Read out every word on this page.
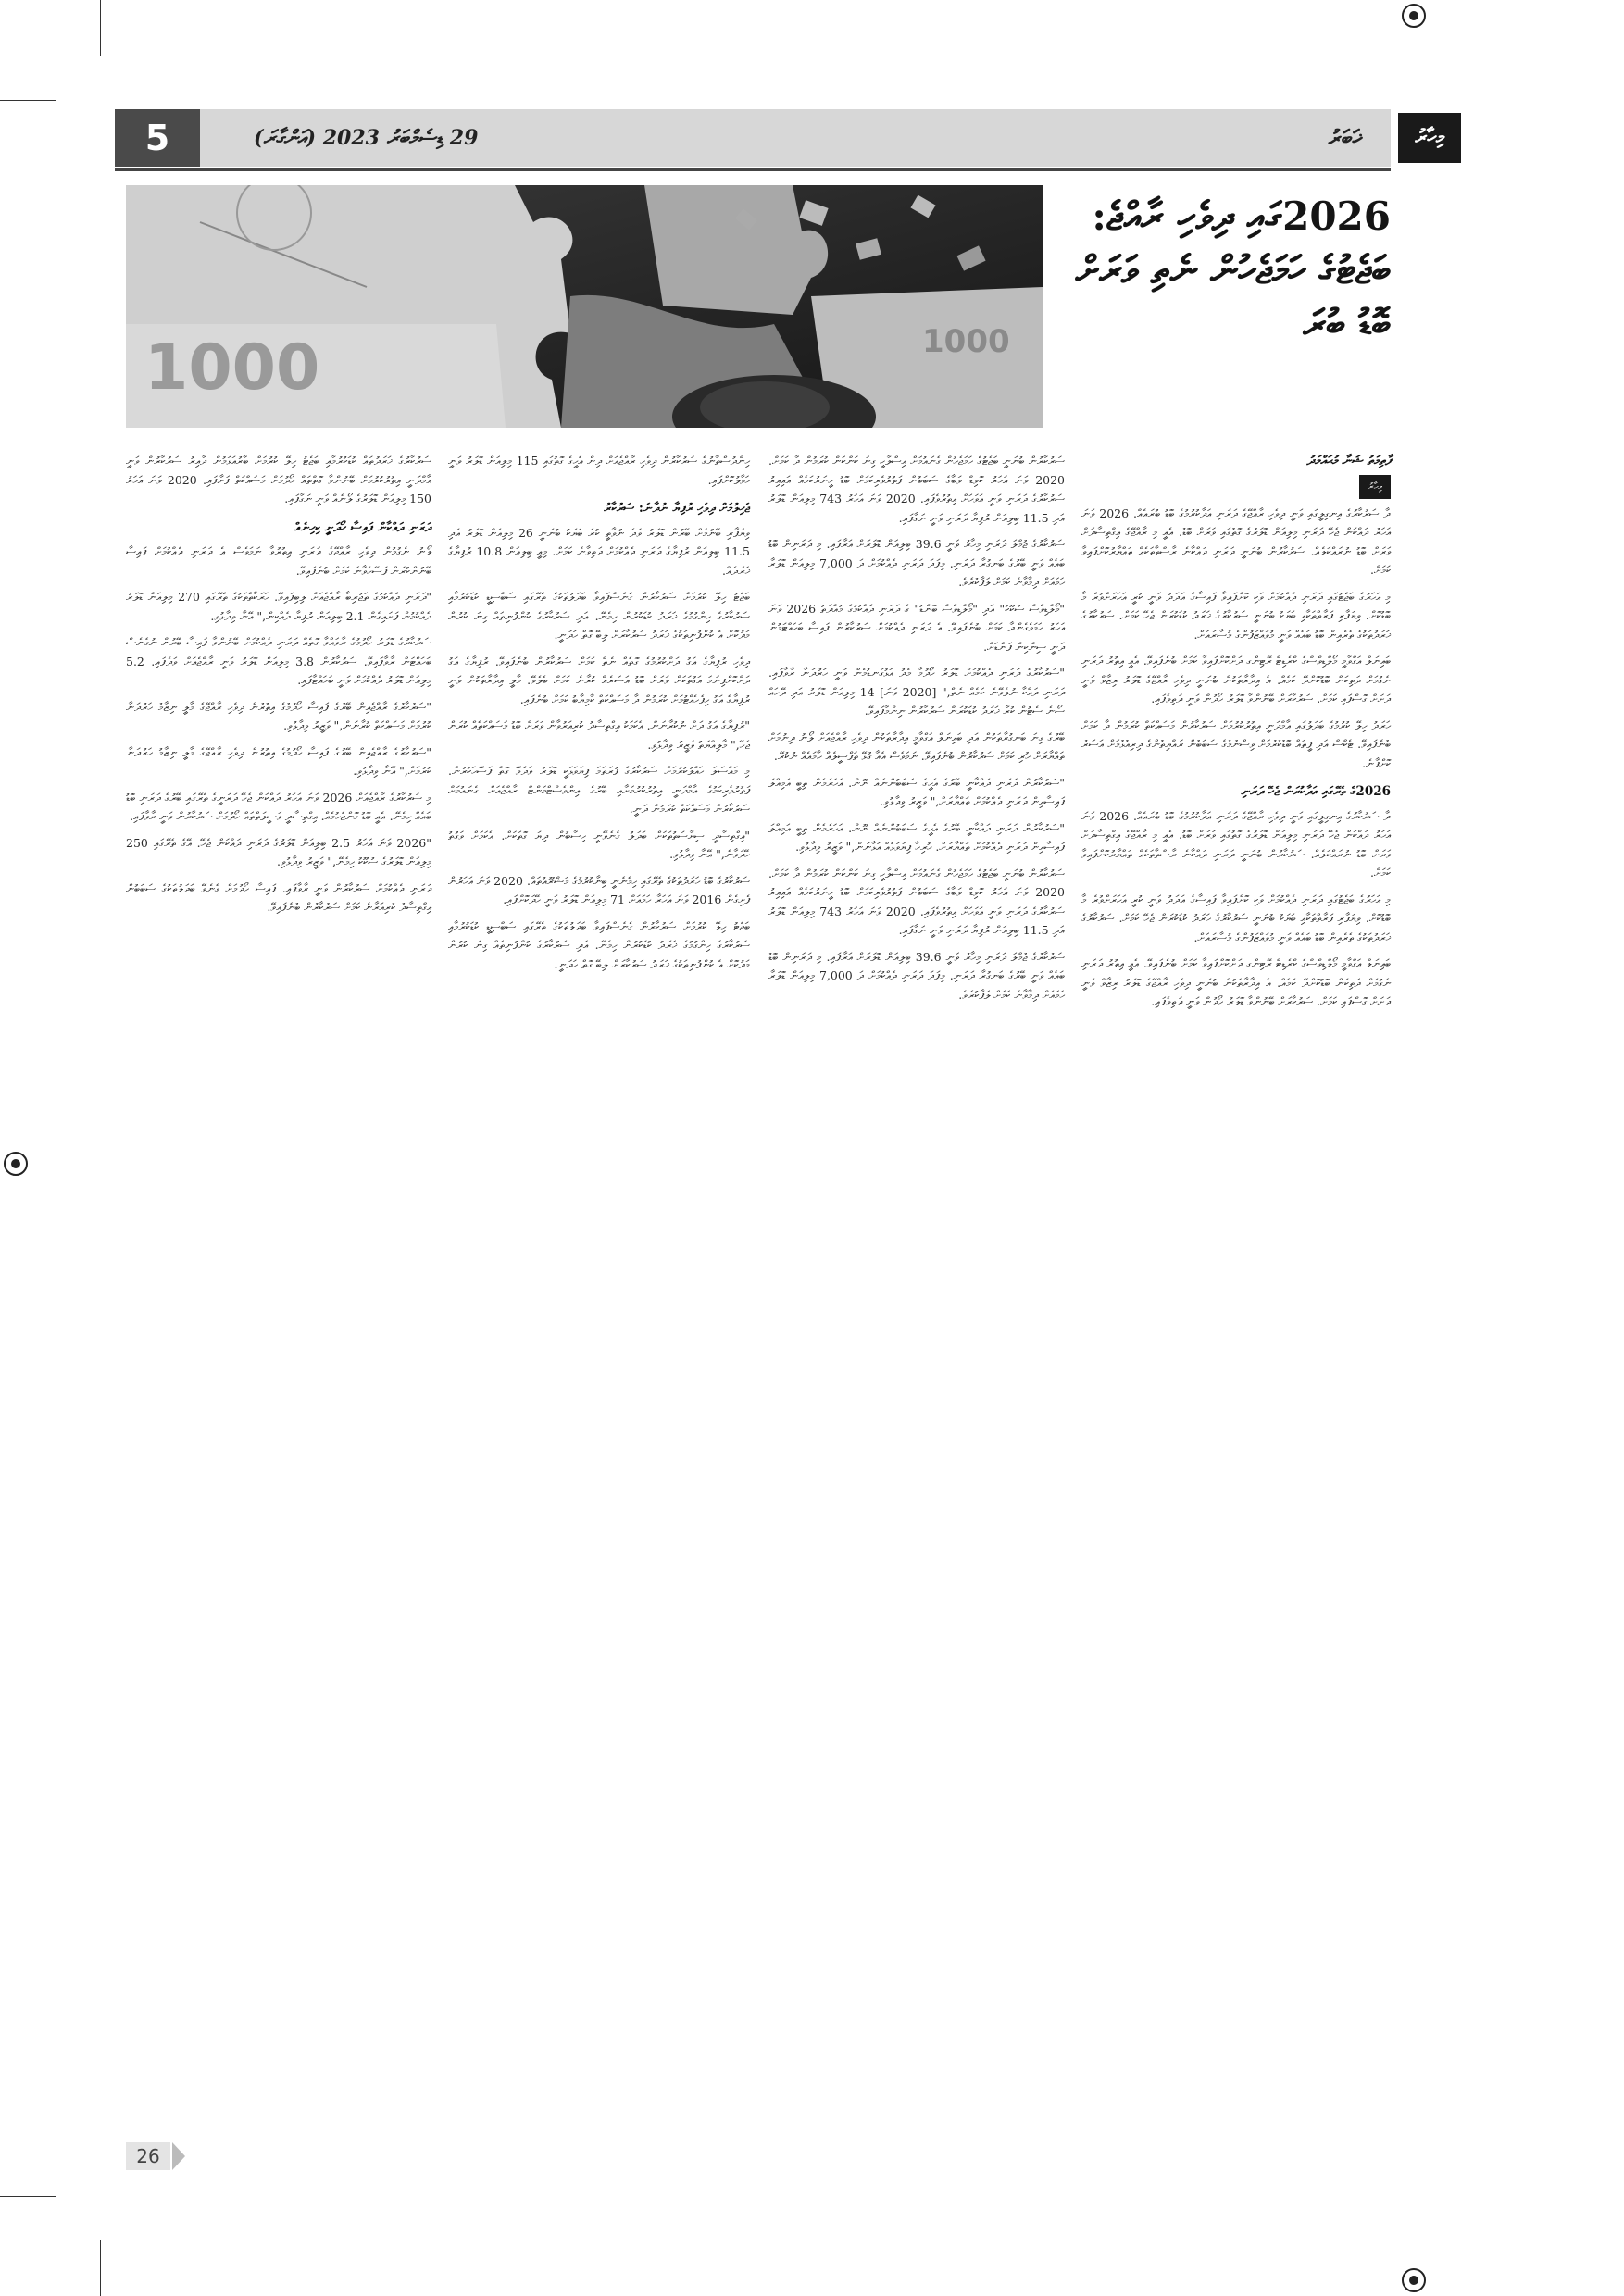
5	29 ޑިސެމްބަރު 2023 (އަންގާރަ)	ޚަބަރު	މިހާރު
1000	1000
2026ގައި ދިވެހި ރާއްޖެ: ބަޖެޓުގެ ހަމަޖެހުން ނެތި ވަރަށް ބޮޑު ބުރަ
ފާތިމަތު ޝަނާ މުޙައްމަދު
މިހާރު

ދާ ސަރުކާރުގެ އިނގިލީގައި ވަނީ ދިވެހި ރާއްޖޭގެ ދަރަނި އަދާކުރުމުގެ ބޮޑު ބުރައެއް. 2026 ވަނަ އަހަރު ދައްކަން ޖެހޭ ދަރަނި މިލިއަން ޑޮލަރުގެ ގޮތުގައި ވަރަށް ބޮޑު. އެއީ މި ރާއްޖޭގެ އިގްތިސާދަށް ވަރަށް ބޮޑު ނުރައްކަލެއް. ސަރުކާރުން ބުނަނީ ދަރަނި ދައްކާނެ ރާސްތާތަކެއް ތައްޔާރުކޮށްފައިވާ ކަމަށް.

މި އަހަރުގެ ބަޖެޓުގައި ދަރަނި ދެއްކުމަށް ވަކި ކޮށްފައިވާ ފައިސާގެ އަދަދު ވަނީ ކުރީ އަހަރަށްވުރެ މާ ބޮޑުކޮށް. ވިޔަފާރި ފަރާތްތަކާއި ބަޔަކު ބުނަނީ ސަރުކާރުގެ ޚަރަދު ކުޑަކުރަން ޖެހޭ ކަމަށް. ސަރުކާރުގެ ޚަރަދުތަކުގެ ތެރެއިން ބޮޑު ބައެއް ވަނީ މުވައްޒަފުންގެ މުސާރައަށް.

ބައިނަލް އަގްވާމީ މޯލްޑިވްސްގެ ކްރެޑިޓް ރޭޓިންގ ދަށްކޮށްފައިވާ ކަމަށް ބުނެފައިވޭ. އެއީ އިތުރު ދަރަނި ނެގުމަށް ދަތިކަން ބޮޑުކޮށްދޭ ކަމެއް. އެ އިދާރާތަކުން ބުނަނީ ދިވެހި ރާއްޖޭގެ ޑޮލަރު ރިޒާވް ވަނީ ދަށަށް ގޮސްފައި ކަމަށް. ސަރުކާރަށް ބޭނުންވާ ޑޮލަރު ހޯދުން ވަނީ ދަތިވެފައި.

ހަރަދު ހިލޭ ކުރުމުގެ ބަދަލުގައި އާމްދަނީ އިތުރުކުރުމަށް ސަރުކާރުން މަސައްކަތް ކުރަމުން ދާ ކަމަށް ބުނެފައިވޭ. ޓެކްސް އަދި ފީތައް ބޮޑުކުރުމަށް ވިސްނުމުގެ ސަބަބުން ރައްޔިތުންގެ ދިރިއުޅުމަށް އަސަރު ކޮށްފާނެ.

2026ގެ ތެރޭގައި އަދާކުރަން ޖެހޭ ދަރަނި

ދާ ސަރުކާރުގެ އިނގިލީގައި ވަނީ ދިވެހި ރާއްޖޭގެ ދަރަނި އަދާކުރުމުގެ ބޮޑު ބުރައެއް. 2026 ވަނަ އަހަރު ދައްކަން ޖެހޭ ދަރަނި މިލިއަން ޑޮލަރުގެ ގޮތުގައި ވަރަށް ބޮޑު. އެއީ މި ރާއްޖޭގެ އިގްތިސާދަށް ވަރަށް ބޮޑު ނުރައްކަލެއް. ސަރުކާރުން ބުނަނީ ދަރަނި ދައްކާނެ ރާސްތާތަކެއް ތައްޔާރުކޮށްފައިވާ ކަމަށް.

މި އަހަރުގެ ބަޖެޓުގައި ދަރަނި ދެއްކުމަށް ވަކި ކޮށްފައިވާ ފައިސާގެ އަދަދު ވަނީ ކުރީ އަހަރަށްވުރެ މާ ބޮޑުކޮށް. ވިޔަފާރި ފަރާތްތަކާއި ބަޔަކު ބުނަނީ ސަރުކާރުގެ ޚަރަދު ކުޑަކުރަން ޖެހޭ ކަމަށް. ސަރުކާރުގެ ޚަރަދުތަކުގެ ތެރެއިން ބޮޑު ބައެއް ވަނީ މުވައްޒަފުންގެ މުސާރައަށް.

ބައިނަލް އަގްވާމީ މޯލްޑިވްސްގެ ކްރެޑިޓް ރޭޓިންގ ދަށްކޮށްފައިވާ ކަމަށް ބުނެފައިވޭ. އެއީ އިތުރު ދަރަނި ނެގުމަށް ދަތިކަން ބޮޑުކޮށްދޭ ކަމެއް. އެ އިދާރާތަކުން ބުނަނީ ދިވެހި ރާއްޖޭގެ ޑޮލަރު ރިޒާވް ވަނީ ދަށަށް ގޮސްފައި ކަމަށް. ސަރުކާރަށް ބޭނުންވާ ޑޮލަރު ހޯދުން ވަނީ ދަތިވެފައި.

ސަރުކާރުން ބުނަނީ ބަޖެޓުގެ ހަމަޖެހުން ގެނައުމަށް އިސްލާހީ ގިނަ ކަންކަން ކުރަމުން ދާ ކަމަށް. 2020 ވަނަ އަހަރު ކޮވިޑް ވަބާގެ ސަބަބުން ފަތުރުވެރިކަމަށް ބޮޑު ހީނަރުކަމެއް އައިއިރު ސަރުކާރުގެ ދަރަނި ވަނީ އަވަހަށް އިތުރުވެފައި. 2020 ވަނަ އަހަރު 743 މިލިއަން ޑޮލަރު އަދި 11.5 ބިލިއަން ރުފިޔާ ދަރަނި ވަނީ ނަގާފައި.

ސަރުކާރުގެ ޖުމްލަ ދަރަނި މިހާރު ވަނީ 39.6 ބިލިއަން ޑޮލަރަށް އަރާފައި. މި ދަރަނިން ބޮޑު ބައެއް ވަނީ ބޭރުގެ ބަނގުރާ ދަރަނި. މިފަދަ ދަރަނި ދެއްކުމަށް ދަ 7,000 މިލިއަން ޑޮލަރާ ހަމައަށް ދިމާވާނެ ކަމަށް ލަފާކުރެވެ.

"މޯލްޑިވްސް ސުކޫކު" އަދި "މޯލްޑިވްސް ބޮންޑު" ގެ ދަރަނި ދެއްކުމުގެ މުއްދަތު 2026 ވަނަ އަހަރު ހަމަވެގެންދާ ކަމަށް ބުނެފައިވޭ. އެ ދަރަނި ދެއްކުމަށް ސަރުކާރުން ފައިސާ ބަހައްޓަމުން ދަނީ ސިންކިން ފަންޑަށް.

"ސަރުކާރުގެ ދަރަނި ދެއްކުމަށް ޑޮލަރު ހޯދުމާ މެދު އަޅުގަނޑުމެން ވަނީ ހަރުދަނާ ރާވާފައި. ދަރަނި ދައްކާ ނުލެވޭނެ ކަމެއް ނެތް," [2020 ވަނަ] 14 މިލިއަން ޑޮލަރު އަދި ދޭހައް ސޯނެ ސެޓުން ކުރާ ޚަރަދު ކުޑަކުރަން ސަރުކާރުން ނިންމާފައިވޭ.

ބޭރުގެ ގިނަ ބަނގުރާތަކުން އަދި ބައިނަލް އަގްވާމީ އިދާރާތަކުން ދިވެހި ރާއްޖެއަށް ލޯނު ދިނުމަށް ތައްޔާރަށް ހުރި ކަމަށް ސަރުކާރުން ބުނެފައިވޭ. ނަމަވެސް އެއާ ގުޅޭ ތަފްސީލެއް ހާމައެއް ނުކުރޭ.

"ސަރުކާރުން ދަރަނި ދައްކާނީ ބޭރުގެ އެހީގެ ސަބަބުންނެއް ނޫން. އަހަރެމެން ތިބީ އަމިއްލަ ފައިސާއިން ދަރަނި ދެއްކުމަށް ތައްޔާރަށް," ވަޒީރު ވިދާޅުވި.

"ސަރުކާރުން ދަރަނި ދައްކާނީ ބޭރުގެ އެހީގެ ސަބަބުންނެއް ނޫން. އަހަރެމެން ތިބީ އަމިއްލަ ފައިސާއިން ދަރަނި ދެއްކުމަށް ތައްޔާރަށް. ހުރިހާ ފިޔަވަޅެއް އަޅާނަން," ވަޒީރު ވިދާޅުވި.

ސަރުކާރުން ބުނަނީ ބަޖެޓުގެ ހަމަޖެހުން ގެނައުމަށް އިސްލާހީ ގިނަ ކަންކަން ކުރަމުން ދާ ކަމަށް. 2020 ވަނަ އަހަރު ކޮވިޑް ވަބާގެ ސަބަބުން ފަތުރުވެރިކަމަށް ބޮޑު ހީނަރުކަމެއް އައިއިރު ސަރުކާރުގެ ދަރަނި ވަނީ އަވަހަށް އިތުރުވެފައި. 2020 ވަނަ އަހަރު 743 މިލިއަން ޑޮލަރު އަދި 11.5 ބިލިއަން ރުފިޔާ ދަރަނި ވަނީ ނަގާފައި.

ސަރުކާރުގެ ޖުމްލަ ދަރަނި މިހާރު ވަނީ 39.6 ބިލިއަން ޑޮލަރަށް އަރާފައި. މި ދަރަނިން ބޮޑު ބައެއް ވަނީ ބޭރުގެ ބަނގުރާ ދަރަނި. މިފަދަ ދަރަނި ދެއްކުމަށް ދަ 7,000 މިލިއަން ޑޮލަރާ ހަމައަށް ދިމާވާނެ ކަމަށް ލަފާކުރެވެ.

ހިންދުސްތާނުގެ ސަރުކާރުން ދިވެހި ރާއްޖެއަށް ދިން އެހީގެ ގޮތުގައި 115 މިލިއަން ޑޮލަރު ވަނީ ހަވާލުކޮށްފައި.

ޖެހިލުމަށް ދިވެހި ރުފިޔާ ނުދާނެ: ސަރުކާރު

ވިޔަފާރި ބޭނުމަށް ބޭރުން ޑޮލަރު ވަދެ ނުވާތީ ކުރެ ބަޔަކު ބުނަނީ 26 މިލިއަން ޑޮލަރު އަދި 11.5 ބިލިއަން ރުފިޔާގެ ދަރަނި ދެއްކުމަށް ދަތިވާނެ ކަމަށް. މިއީ ބިލިއަން 10.8 ރުފިޔާގެ ޚަރަދެއް.

ބަޖެޓު ހިލޭ ކުރުމަށް ސަރުކާރުން ގެނެސްފައިވާ ބަދަލުތަކުގެ ތެރޭގައި ސަބްސިޑީ ކުޑަކުރުމާއި ސަރުކާރުގެ ހިންގުމުގެ ޚަރަދު ކުޑަކުރުން ހިމެނޭ. އަދި ސަރުކާރުގެ ކުންފުނިތައް ގިނަ ކުރުން މަދުކޮށް އެ ކުންފުނިތަކުގެ ޚަރަދު ސަރުކާރަށް ލިބޭ ގޮތް ހަދަނީ.

ދިވެހި ރުފިޔާގެ އަގު ދަށްކުރުމުގެ ގޮތެއް ނެތް ކަމަށް ސަރުކާރުން ބުނެފައިވޭ. ރުފިޔާގެ އަގު ދަށްކޮށްފިނަމަ އަގުތަކަށް ވަރަށް ބޮޑު އަސަރެއް ކުރާނެ ކަމަށް ބެލެވޭ. މާލީ އިދާރާތަކުން ވަނީ ރުފިޔާގެ އަގު ހިފެހެއްޓުމަށް ކުރަމުން ދާ މަސައްކަތް ކާމިޔާބު ކަމަށް ބުނެފައި.

"ރުފިޔާގެ އަގު ދަށް ނުކުރާނަން. އެކަމަކު އިގްތިސާދު ކުރިއަރުވާން ވަރަށް ބޮޑު މަސައްކަތެއް ކުރަން ޖެހޭ," މާލިއްޔަތު ވަޒީރު ވިދާޅުވި.

މި މައްސަލަ ހައްލުކުރުމަށް ސަރުކާރުގެ ފުރަތަމަ ފިޔަވަޅަކީ ޑޮލަރު ވަދެވޭ ގޮތް ފަސޭހަކުރުން. ފަތުރުވެރިކަމުގެ އާމްދަނީ އިތުރުކުރުމަށާއި ބޭރުގެ އިންވެސްޓްމަންޓް ރާއްޖެއަށް ގެނައުމަށް ސަރުކާރުން މަސައްކަތް ކުރަމުން ދަނީ.

"އިގްތިސާދީ ސިޔާސަތުތަކަށް ބަދަލު ގެނެވޭނީ ހިސާބުން ދިޔަ ގޮތަކަށް. އެކަމަށް ވަގުތު ހޭދަވާނެ," އޭނާ ވިދާޅުވި.

ސަރުކާރުގެ ބޮޑު ޚަރަދުތަކުގެ ތެރޭގައި ހިމެނެނީ ބިނާކުރުމުގެ މަޝްރޫއުތައް. 2020 ވަނަ އަހަރުން ފެށިގެން 2016 ވަނަ އަހަރާ ހަމައަށް 71 މިލިއަން ޑޮލަރު ވަނީ ހޭދަކޮށްފައި.

ބަޖެޓު ހިލޭ ކުރުމަށް ސަރުކާރުން ގެނެސްފައިވާ ބަދަލުތަކުގެ ތެރޭގައި ސަބްސިޑީ ކުޑަކުރުމާއި ސަރުކާރުގެ ހިންގުމުގެ ޚަރަދު ކުޑަކުރުން ހިމެނޭ. އަދި ސަރުކާރުގެ ކުންފުނިތައް ގިނަ ކުރުން މަދުކޮށް އެ ކުންފުނިތަކުގެ ޚަރަދު ސަރުކާރަށް ލިބޭ ގޮތް ހަދަނީ.

ސަރުކާރުގެ ޚަރަދުތައް ކުޑަކުރުމާއި ބަޖެޓު ހިލޭ ކުރުމަށް ބާރުއަޅަމުން ދާއިރު ސަރުކާރުން ވަނީ އާމްދަނީ އިތުރުކުރުމަށް ބޭނުންވާ ގޮތްތައް ހޯދުމަށް މަސައްކަތް ފަށާފައި. 2020 ވަނަ އަހަރު 150 މިލިއަން ޑޮލަރުގެ ލޯނެއް ވަނީ ނަގާފައި.

ދަރަނި ދައްކާން ފައިސާ ހޯދަނީ ކިހިނެއް

ލޯނު ނެގުމުން ދިވެހި ރާއްޖޭގެ ދަރަނި އިތުރުވާ ނަމަވެސް އެ ދަރަނި ދެއްކުމަށް ފައިސާ ބޭނުންކުރަން ފަސޭހަވާނެ ކަމަށް ބުނެފައިވޭ.

"ދަރަނި ދެއްކުމުގެ ތަޖުރިބާ ރާއްޖެއަށް ލިބިފައިވޭ. ހަރަކާތްތަކުގެ ތެރޭގައި 270 މިލިއަން ޑޮލަރު ދެއްކުމުން ފަށައިގެން 2.1 ބިލިއަން ރުފިޔާ ދެއްކިން," އޭނާ ވިދާޅުވި.

ސަރުކާރުގެ ޑޮލަރު ހޯދުމުގެ ރާވައްވާ ގޮތެއް ދަރަނި ދެއްކުމަށް ބޭނުންވާ ފައިސާ ބޭރުން ނުގެނެސް ބަހައްޓަން ރާވާފައިވޭ. ސަރުކާރުން 3.8 މިލިއަން ޑޮލަރު ވަނީ ރާއްޖެއަށް ވަދެފައި. 5.2 މިލިއަން ޑޮލަރު ދެއްކުމަށް ވަނީ ބަހައްޓާފައި.

"ސަރުކާރުގެ ރާއްޖެއިން ބޭރުގެ ފައިސާ ހޯދުމުގެ އިތުރުން ދިވެހި ރާއްޖޭގެ މާލީ ނިޒާމު ހަރުދަނާ ކުރުމަށް މަސައްކަތް ކުރާނަން," ވަޒީރު ވިދާޅުވި.

"ސަރުކާރުގެ ރާއްޖެއިން ބޭރުގެ ފައިސާ ހޯދުމުގެ އިތުރުން ދިވެހި ރާއްޖޭގެ މާލީ ނިޒާމު ހަރުދަނާ ކުރުމަށް," އޭނާ ވިދާޅުވި.

މި ސަރުކާރުގެ ރާއްޖެއަށް 2026 ވަނަ އަހަރު ދައްކަން ޖެހޭ ދަރަނީގެ ތެރޭގައި ބޭރުގެ ދަރަނި ބޮޑު ބައެއް ހިމެނޭ. އެއީ ބޮޑު ގޮންޖެހުމެއް. އިގްތިސާދީ ވަސީލަތްތައް ހޯދުމަށް ސަރުކާރުން ވަނީ ރާވާފައި.

"2026 ވަނަ އަހަރު 2.5 ބިލިއަން ޑޮލަރުގެ ދަރަނި ދައްކަން ޖެހޭ. އޭގެ ތެރޭގައި 250 މިލިއަން ޑޮލަރުގެ ސުކޫކު ހިމެނޭ," ވަޒީރު ވިދާޅުވި.

ދަރަނި ދެއްކުމަށް ސަރުކާރުން ވަނީ ރާވާފައި. ފައިސާ ހޯދުމަށް ގެނެވޭ ބަދަލުތަކުގެ ސަބަބުން އިގްތިސާދު ކުރިއަރާނެ ކަމަށް ސަރުކާރުން ބުނެފައިވޭ.

26
